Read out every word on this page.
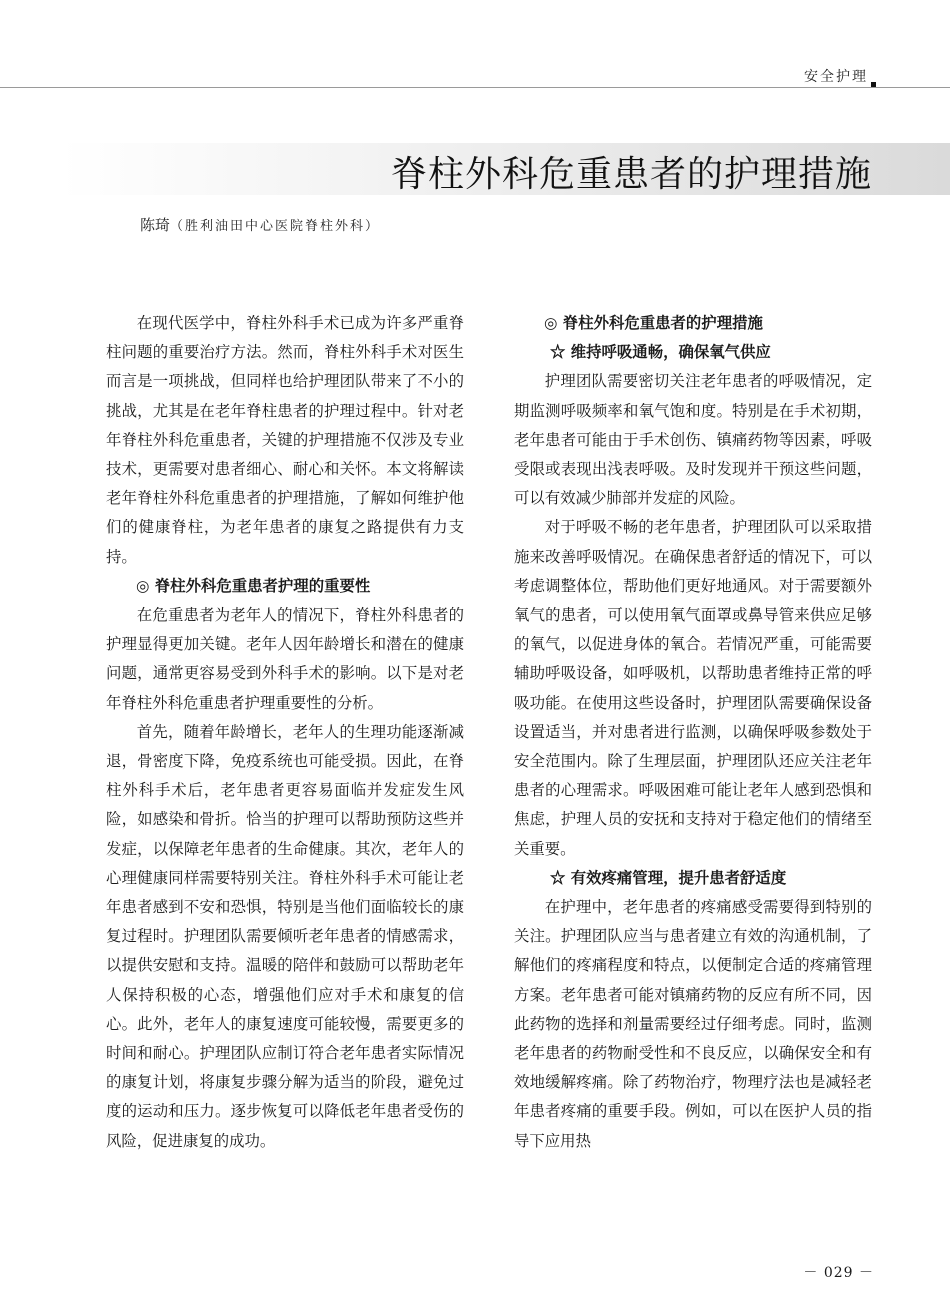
安全护理
脊柱外科危重患者的护理措施
陈琦（胜利油田中心医院脊柱外科）

在现代医学中，脊柱外科手术已成为许多严重脊柱问题的重要治疗方法。然而，脊柱外科手术对医生而言是一项挑战，但同样也给护理团队带来了不小的挑战，尤其是在老年脊柱患者的护理过程中。针对老年脊柱外科危重患者，关键的护理措施不仅涉及专业技术，更需要对患者细心、耐心和关怀。本文将解读老年脊柱外科危重患者的护理措施，了解如何维护他们的健康脊柱，为老年患者的康复之路提供有力支持。

◎ 脊柱外科危重患者护理的重要性

在危重患者为老年人的情况下，脊柱外科患者的护理显得更加关键。老年人因年龄增长和潜在的健康问题，通常更容易受到外科手术的影响。以下是对老年脊柱外科危重患者护理重要性的分析。

首先，随着年龄增长，老年人的生理功能逐渐减退，骨密度下降，免疫系统也可能受损。因此，在脊柱外科手术后，老年患者更容易面临并发症发生风险，如感染和骨折。恰当的护理可以帮助预防这些并发症，以保障老年患者的生命健康。其次，老年人的心理健康同样需要特别关注。脊柱外科手术可能让老年患者感到不安和恐惧，特别是当他们面临较长的康复过程时。护理团队需要倾听老年患者的情感需求，以提供安慰和支持。温暖的陪伴和鼓励可以帮助老年人保持积极的心态，增强他们应对手术和康复的信心。此外，老年人的康复速度可能较慢，需要更多的时间和耐心。护理团队应制订符合老年患者实际情况的康复计划，将康复步骤分解为适当的阶段，避免过度的运动和压力。逐步恢复可以降低老年患者受伤的风险，促进康复的成功。

◎ 脊柱外科危重患者的护理措施
☆ 维持呼吸通畅，确保氧气供应

护理团队需要密切关注老年患者的呼吸情况，定期监测呼吸频率和氧气饱和度。特别是在手术初期，老年患者可能由于手术创伤、镇痛药物等因素，呼吸受限或表现出浅表呼吸。及时发现并干预这些问题，可以有效减少肺部并发症的风险。

对于呼吸不畅的老年患者，护理团队可以采取措施来改善呼吸情况。在确保患者舒适的情况下，可以考虑调整体位，帮助他们更好地通风。对于需要额外氧气的患者，可以使用氧气面罩或鼻导管来供应足够的氧气，以促进身体的氧合。若情况严重，可能需要辅助呼吸设备，如呼吸机，以帮助患者维持正常的呼吸功能。在使用这些设备时，护理团队需要确保设备设置适当，并对患者进行监测，以确保呼吸参数处于安全范围内。除了生理层面，护理团队还应关注老年患者的心理需求。呼吸困难可能让老年人感到恐惧和焦虑，护理人员的安抚和支持对于稳定他们的情绪至关重要。

☆ 有效疼痛管理，提升患者舒适度

在护理中，老年患者的疼痛感受需要得到特别的关注。护理团队应当与患者建立有效的沟通机制，了解他们的疼痛程度和特点，以便制定合适的疼痛管理方案。老年患者可能对镇痛药物的反应有所不同，因此药物的选择和剂量需要经过仔细考虑。同时，监测老年患者的药物耐受性和不良反应，以确保安全和有效地缓解疼痛。除了药物治疗，物理疗法也是减轻老年患者疼痛的重要手段。例如，可以在医护人员的指导下应用热

－ 029 －
